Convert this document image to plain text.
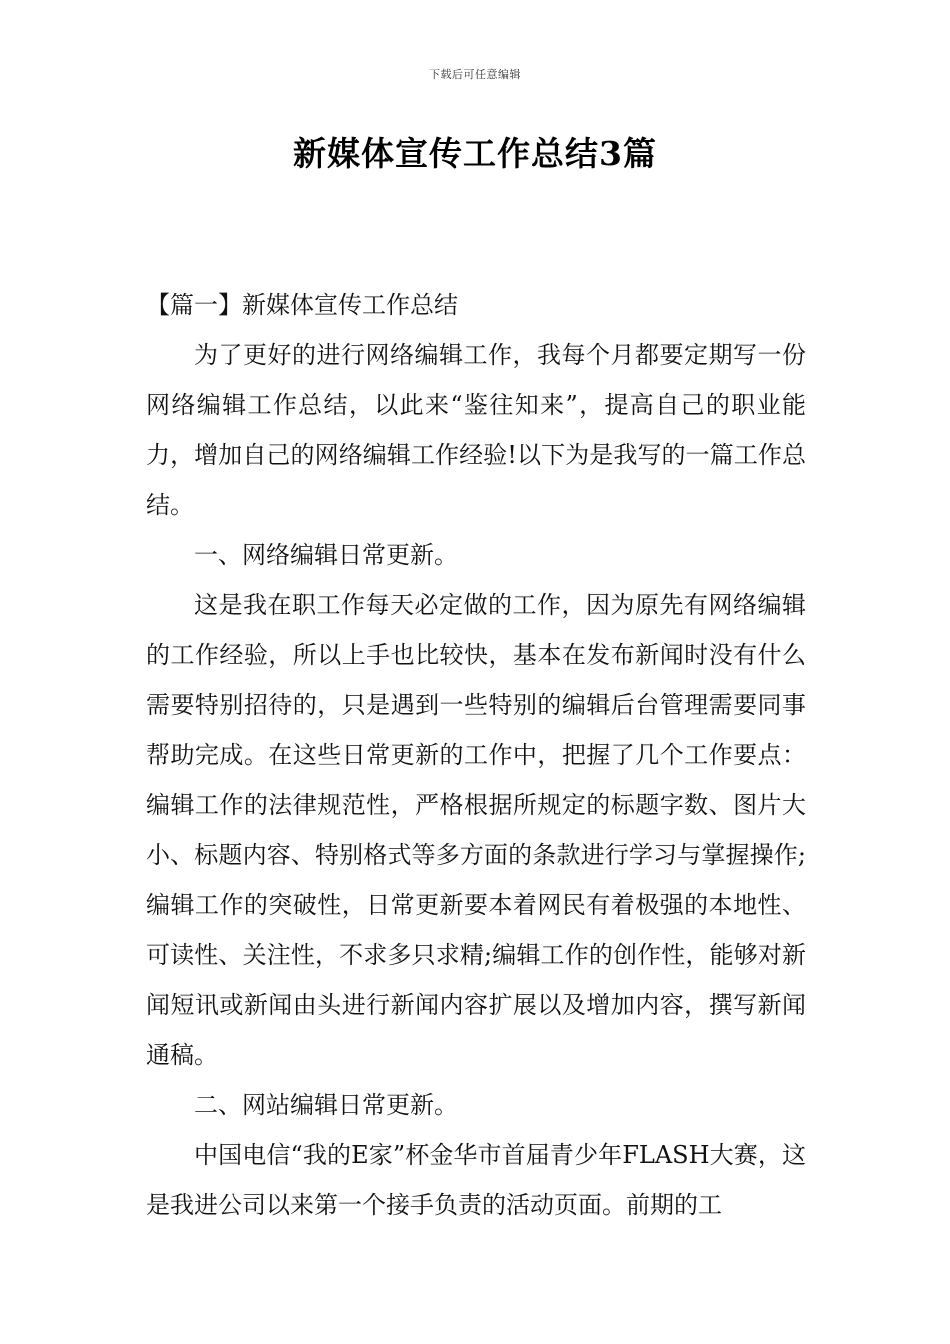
下载后可任意编辑
新媒体宣传工作总结3篇

【篇一】新媒体宣传工作总结

为了更好的进行网络编辑工作，我每个月都要定期写一份网络编辑工作总结，以此来“鉴往知来”，提高自己的职业能力，增加自己的网络编辑工作经验!以下为是我写的一篇工作总结。

一、网络编辑日常更新。

这是我在职工作每天必定做的工作，因为原先有网络编辑的工作经验，所以上手也比较快，基本在发布新闻时没有什么需要特别招待的，只是遇到一些特别的编辑后台管理需要同事帮助完成。在这些日常更新的工作中，把握了几个工作要点：编辑工作的法律规范性，严格根据所规定的标题字数、图片大小、标题内容、特别格式等多方面的条款进行学习与掌握操作;编辑工作的突破性，日常更新要本着网民有着极强的本地性、可读性、关注性，不求多只求精;编辑工作的创作性，能够对新闻短讯或新闻由头进行新闻内容扩展以及增加内容，撰写新闻通稿。

二、网站编辑日常更新。

中国电信“我的E家”杯金华市首届青少年FLASH大赛，这是我进公司以来第一个接手负责的活动页面。前期的工
